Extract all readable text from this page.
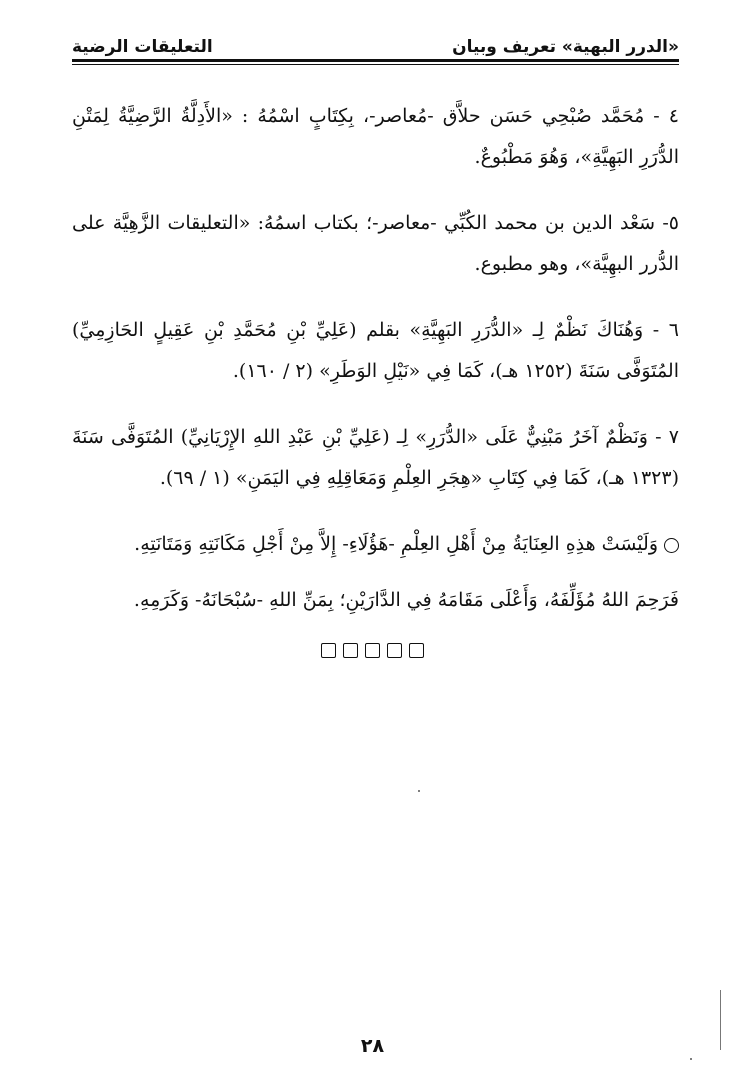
«الدرر البهية» تعريف وبيان
التعليقات الرضية

٤ - مُحَمَّد صُبْحِي حَسَن حلاَّق -مُعاصر-، بِكِتَابٍ اسْمُهُ : «الأَدِلَّةُ الرَّضِيَّةُ لِمَتْنِ الدُّرَرِ البَهِيَّةِ»، وَهُوَ مَطْبُوعٌ.

٥- سَعْد الدين بن محمد الكُبِّي -معاصر-؛ بكتاب اسمُهُ: «التعليقات الزَّهِيَّة على الدُّرر البهِيَّة»، وهو مطبوع.

٦ - وَهُنَاكَ نَظْمٌ لِـ «الدُّرَرِ البَهِيَّةِ» بقلم (عَلِيِّ بْنِ مُحَمَّدِ بْنِ عَقِيلٍ الحَازِمِيِّ) المُتَوَفَّى سَنَةَ (١٢٥٢ هـ)، كَمَا فِي «نَيْلِ الوَطَرِ» (٢ / ١٦٠).

٧ - وَنَظْمٌ آخَرُ مَبْنِيٌّ عَلَى «الدُّرَرِ» لِـ (عَلِيِّ بْنِ عَبْدِ اللهِ الإِرْيَانِيِّ) المُتَوَفَّى سَنَةَ (١٣٢٣ هـ)، كَمَا فِي كِتَابِ «هِجَرِ العِلْمِ وَمَعَاقِلِهِ فِي اليَمَنِ» (١ / ٦٩).

وَلَيْسَتْ هذِهِ العِنَايَةُ مِنْ أَهْلِ العِلْمِ -هَؤُلَاءِ- إِلاَّ مِنْ أَجْلِ مَكَانَتِهِ وَمَتَانَتِهِ.

فَرَحِمَ اللهُ مُؤَلِّفَهُ، وَأَعْلَى مَقَامَهُ فِي الدَّارَيْنِ؛ بِمَنِّ اللهِ -سُبْحَانَهُ- وَكَرَمِهِ.

٢٨
